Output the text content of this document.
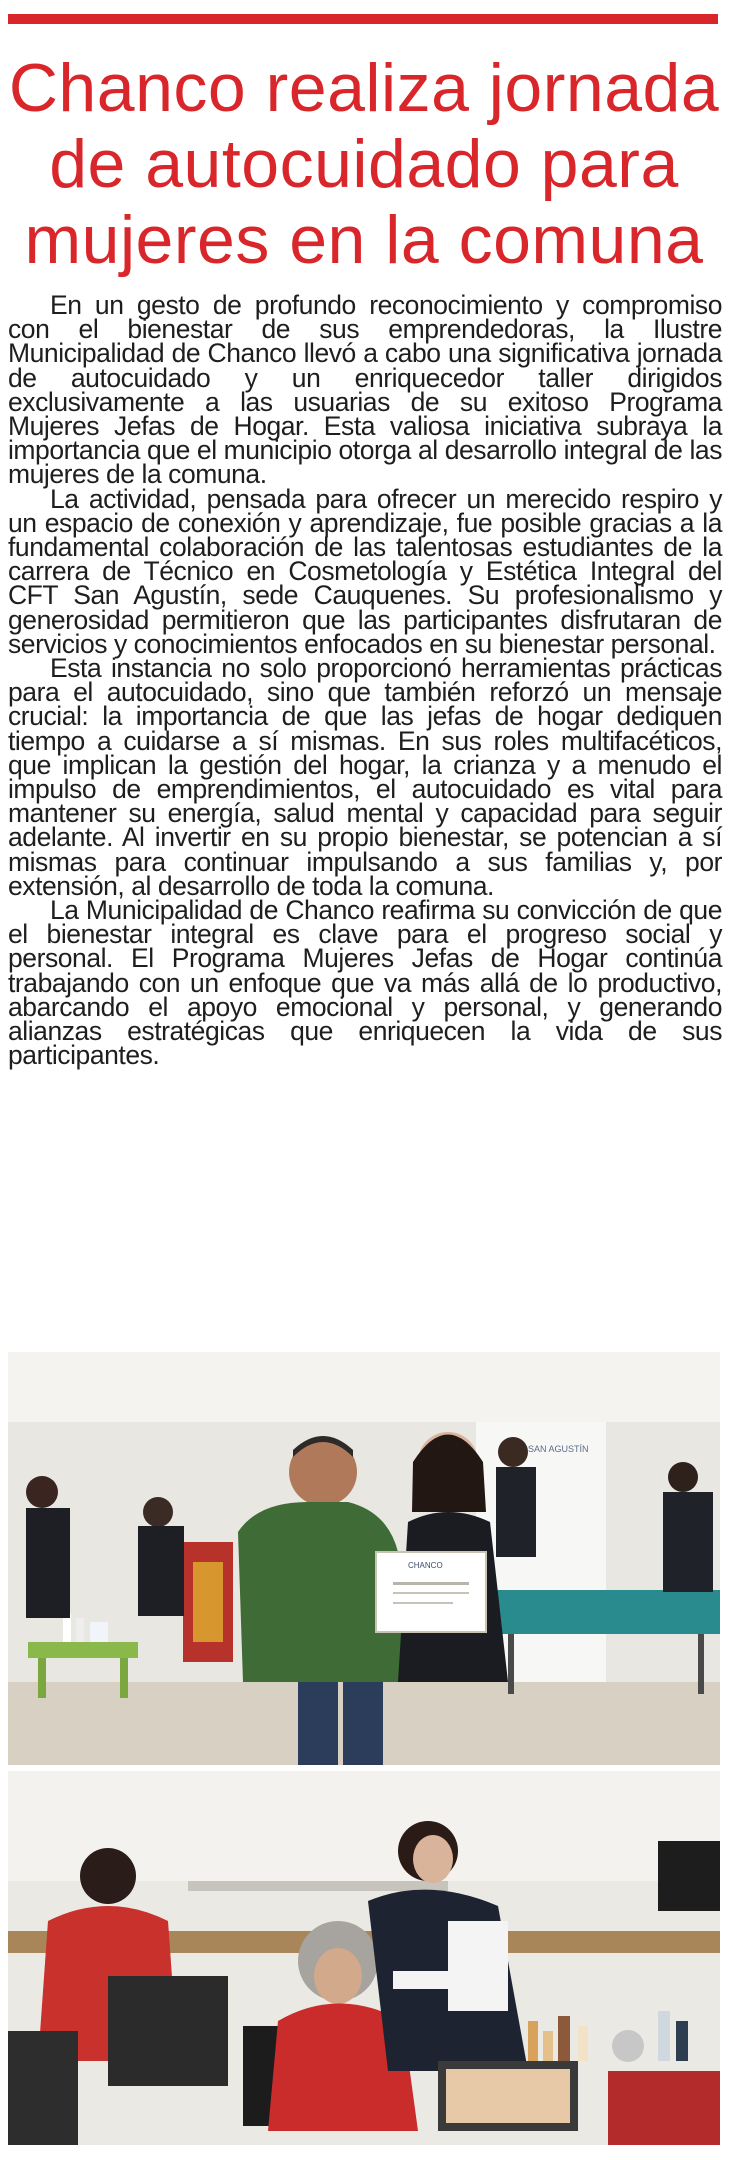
Chanco realiza jornada de autocuidado para mujeres en la comuna

En un gesto de profundo reconocimiento y compromiso con el bienestar de sus emprendedoras, la Ilustre Municipalidad de Chanco llevó a cabo una significativa jornada de autocuidado y un enriquecedor taller dirigidos exclusivamente a las usuarias de su exitoso Programa Mujeres Jefas de Hogar. Esta valiosa iniciativa subraya la importancia que el municipio otorga al desarrollo integral de las mujeres de la comuna.

La actividad, pensada para ofrecer un merecido respiro y un espacio de conexión y aprendizaje, fue posible gracias a la fundamental colaboración de las talentosas estudiantes de la carrera de Técnico en Cosmetología y Estética Integral del CFT San Agustín, sede Cauquenes. Su profesionalismo y generosidad permitieron que las participantes disfrutaran de servicios y conocimientos enfocados en su bienestar personal.

Esta instancia no solo proporcionó herramientas prácticas para el autocuidado, sino que también reforzó un mensaje crucial: la importancia de que las jefas de hogar dediquen tiempo a cuidarse a sí mismas. En sus roles multifacéticos, que implican la gestión del hogar, la crianza y a menudo el impulso de emprendimientos, el autocuidado es vital para mantener su energía, salud mental y capacidad para seguir adelante. Al invertir en su propio bienestar, se potencian a sí mismas para continuar impulsando a sus familias y, por extensión, al desarrollo de toda la comuna.

La Municipalidad de Chanco reafirma su convicción de que el bienestar integral es clave para el progreso social y personal. El Programa Mujeres Jefas de Hogar continúa trabajando con un enfoque que va más allá de lo productivo, abarcando el apoyo emocional y personal, y generando alianzas estratégicas que enriquecen la vida de sus participantes.

SAN AGUSTÍN
CHANCO
